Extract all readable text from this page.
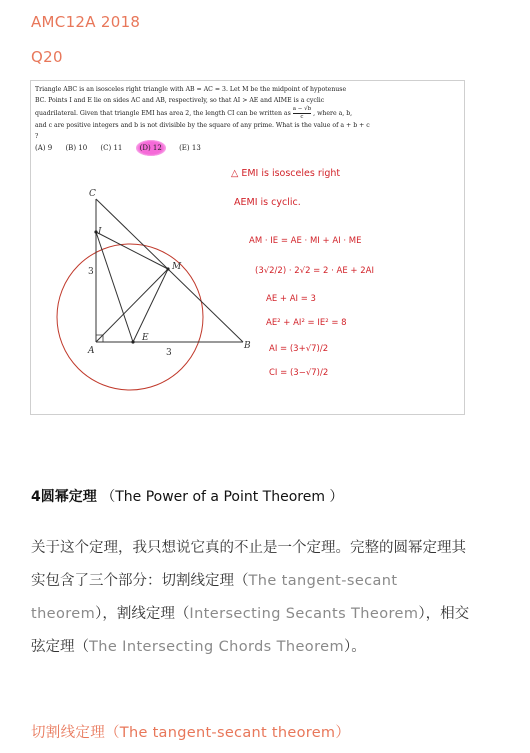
AMC12A 2018
Q20

Triangle ABC is an isosceles right triangle with AB = AC = 3. Let M be the midpoint of hypotenuse

BC. Points I and E lie on sides AC and AB, respectively, so that AI > AE and AIME is a cyclic

quadrilateral. Given that triangle EMI has area 2, the length CI can be written as $\frac{a - √b}{c}$ , where a, b,

and c are positive integers and b is not divisible by the square of any prime. What is the value of a + b + c

?

(A) 9 (B) 10 (C) 11 (D) 12 (E) 13
C
I
M
A
E
B
3
3
△ EMI is isosceles right
AEMI is cyclic.
AM · IE = AE · MI + AI · ME
(3√2/2) · 2√2 = 2 · AE + 2AI
AE + AI = 3
AE² + AI² = IE² = 8
AI = (3+√7)/2
CI = (3−√7)/2
4圆幂定理 （The Power of a Point Theorem ）

关于这个定理，我只想说它真的不止是一个定理。完整的圆幂定理其实包含了三个部分：切割线定理（The tangent-secant theorem），割线定理（Intersecting Secants Theorem），相交弦定理（The Intersecting Chords Theorem）。

切割线定理（The tangent-secant theorem）
